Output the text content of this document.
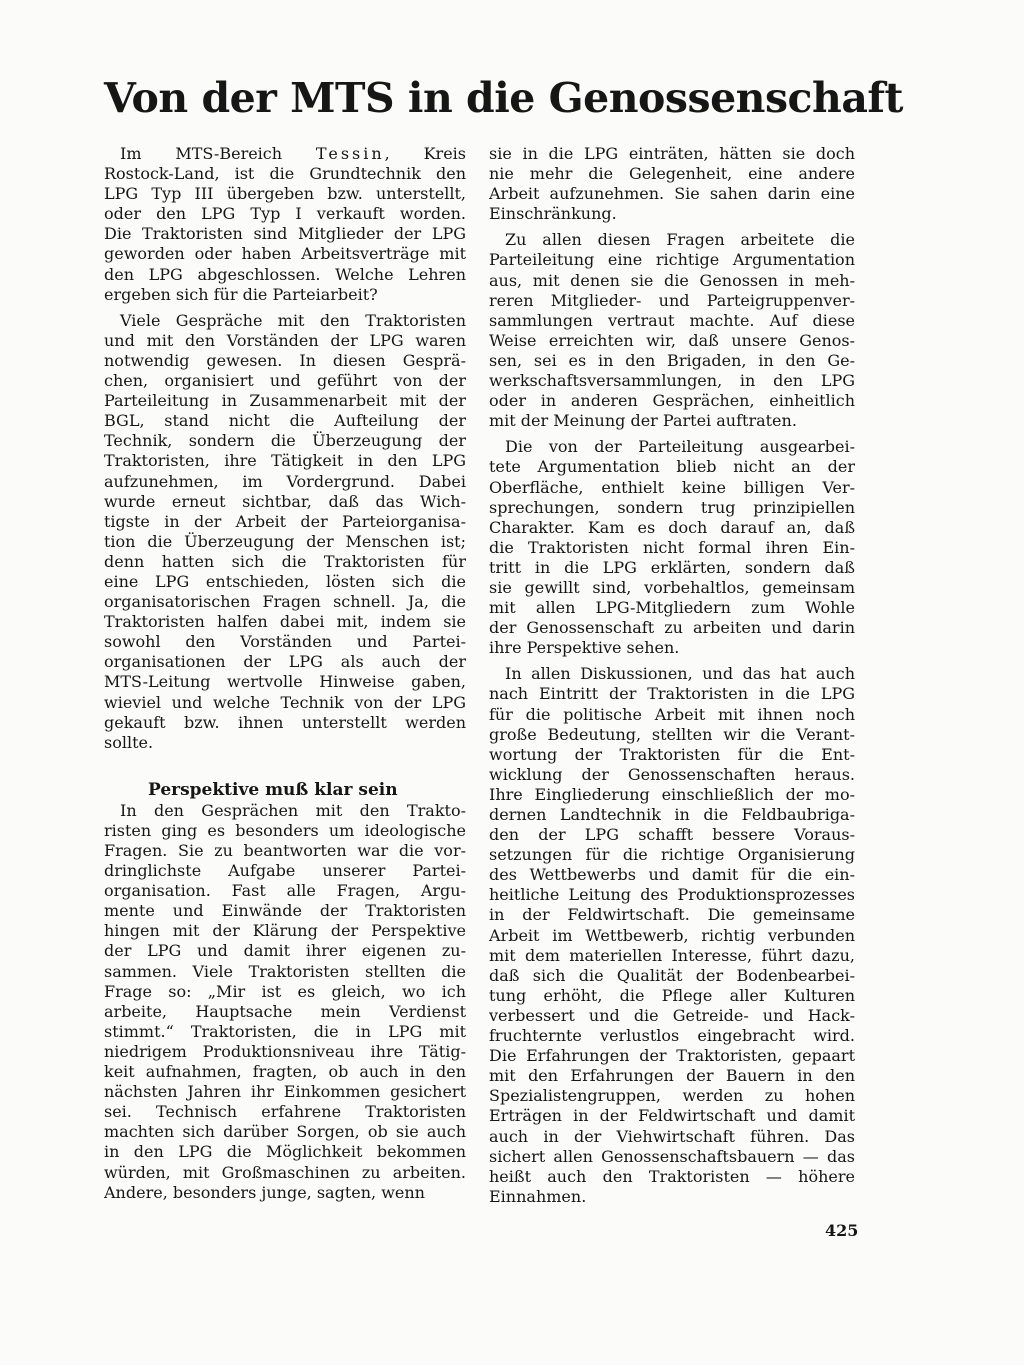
Von der MTS in die Genossenschaft
Im MTS-Bereich Tessin, Kreis
Rostock-Land, ist die Grundtechnik den
LPG Typ III übergeben bzw. unterstellt,
oder den LPG Typ I verkauft worden.
Die Traktoristen sind Mitglieder der LPG
geworden oder haben Arbeitsverträge mit
den LPG abgeschlossen. Welche Lehren
ergeben sich für die Parteiarbeit?
Viele Gespräche mit den Traktoristen
und mit den Vorständen der LPG waren
notwendig gewesen. In diesen Gesprä-
chen, organisiert und geführt von der
Parteileitung in Zusammenarbeit mit der
BGL, stand nicht die Aufteilung der
Technik, sondern die Überzeugung der
Traktoristen, ihre Tätigkeit in den LPG
aufzunehmen, im Vordergrund. Dabei
wurde erneut sichtbar, daß das Wich-
tigste in der Arbeit der Parteiorganisa-
tion die Überzeugung der Menschen ist;
denn hatten sich die Traktoristen für
eine LPG entschieden, lösten sich die
organisatorischen Fragen schnell. Ja, die
Traktoristen halfen dabei mit, indem sie
sowohl den Vorständen und Partei-
organisationen der LPG als auch der
MTS-Leitung wertvolle Hinweise gaben,
wieviel und welche Technik von der LPG
gekauft bzw. ihnen unterstellt werden
sollte.
Perspektive muß klar sein
In den Gesprächen mit den Trakto-
risten ging es besonders um ideologische
Fragen. Sie zu beantworten war die vor-
dringlichste Aufgabe unserer Partei-
organisation. Fast alle Fragen, Argu-
mente und Einwände der Traktoristen
hingen mit der Klärung der Perspektive
der LPG und damit ihrer eigenen zu-
sammen. Viele Traktoristen stellten die
Frage so: „Mir ist es gleich, wo ich
arbeite, Hauptsache mein Verdienst
stimmt.“ Traktoristen, die in LPG mit
niedrigem Produktionsniveau ihre Tätig-
keit aufnahmen, fragten, ob auch in den
nächsten Jahren ihr Einkommen gesichert
sei. Technisch erfahrene Traktoristen
machten sich darüber Sorgen, ob sie auch
in den LPG die Möglichkeit bekommen
würden, mit Großmaschinen zu arbeiten.
Andere, besonders junge, sagten, wenn
sie in die LPG einträten, hätten sie doch
nie mehr die Gelegenheit, eine andere
Arbeit aufzunehmen. Sie sahen darin eine
Einschränkung.
Zu allen diesen Fragen arbeitete die
Parteileitung eine richtige Argumentation
aus, mit denen sie die Genossen in meh-
reren Mitglieder- und Parteigruppenver-
sammlungen vertraut machte. Auf diese
Weise erreichten wir, daß unsere Genos-
sen, sei es in den Brigaden, in den Ge-
werkschaftsversammlungen, in den LPG
oder in anderen Gesprächen, einheitlich
mit der Meinung der Partei auftraten.
Die von der Parteileitung ausgearbei-
tete Argumentation blieb nicht an der
Oberfläche, enthielt keine billigen Ver-
sprechungen, sondern trug prinzipiellen
Charakter. Kam es doch darauf an, daß
die Traktoristen nicht formal ihren Ein-
tritt in die LPG erklärten, sondern daß
sie gewillt sind, vorbehaltlos, gemeinsam
mit allen LPG-Mitgliedern zum Wohle
der Genossenschaft zu arbeiten und darin
ihre Perspektive sehen.
In allen Diskussionen, und das hat auch
nach Eintritt der Traktoristen in die LPG
für die politische Arbeit mit ihnen noch
große Bedeutung, stellten wir die Verant-
wortung der Traktoristen für die Ent-
wicklung der Genossenschaften heraus.
Ihre Eingliederung einschließlich der mo-
dernen Landtechnik in die Feldbaubriga-
den der LPG schafft bessere Voraus-
setzungen für die richtige Organisierung
des Wettbewerbs und damit für die ein-
heitliche Leitung des Produktionsprozesses
in der Feldwirtschaft. Die gemeinsame
Arbeit im Wettbewerb, richtig verbunden
mit dem materiellen Interesse, führt dazu,
daß sich die Qualität der Bodenbearbei-
tung erhöht, die Pflege aller Kulturen
verbessert und die Getreide- und Hack-
fruchternte verlustlos eingebracht wird.
Die Erfahrungen der Traktoristen, gepaart
mit den Erfahrungen der Bauern in den
Spezialistengruppen, werden zu hohen
Erträgen in der Feldwirtschaft und damit
auch in der Viehwirtschaft führen. Das
sichert allen Genossenschaftsbauern — das
heißt auch den Traktoristen — höhere
Einnahmen.
425
